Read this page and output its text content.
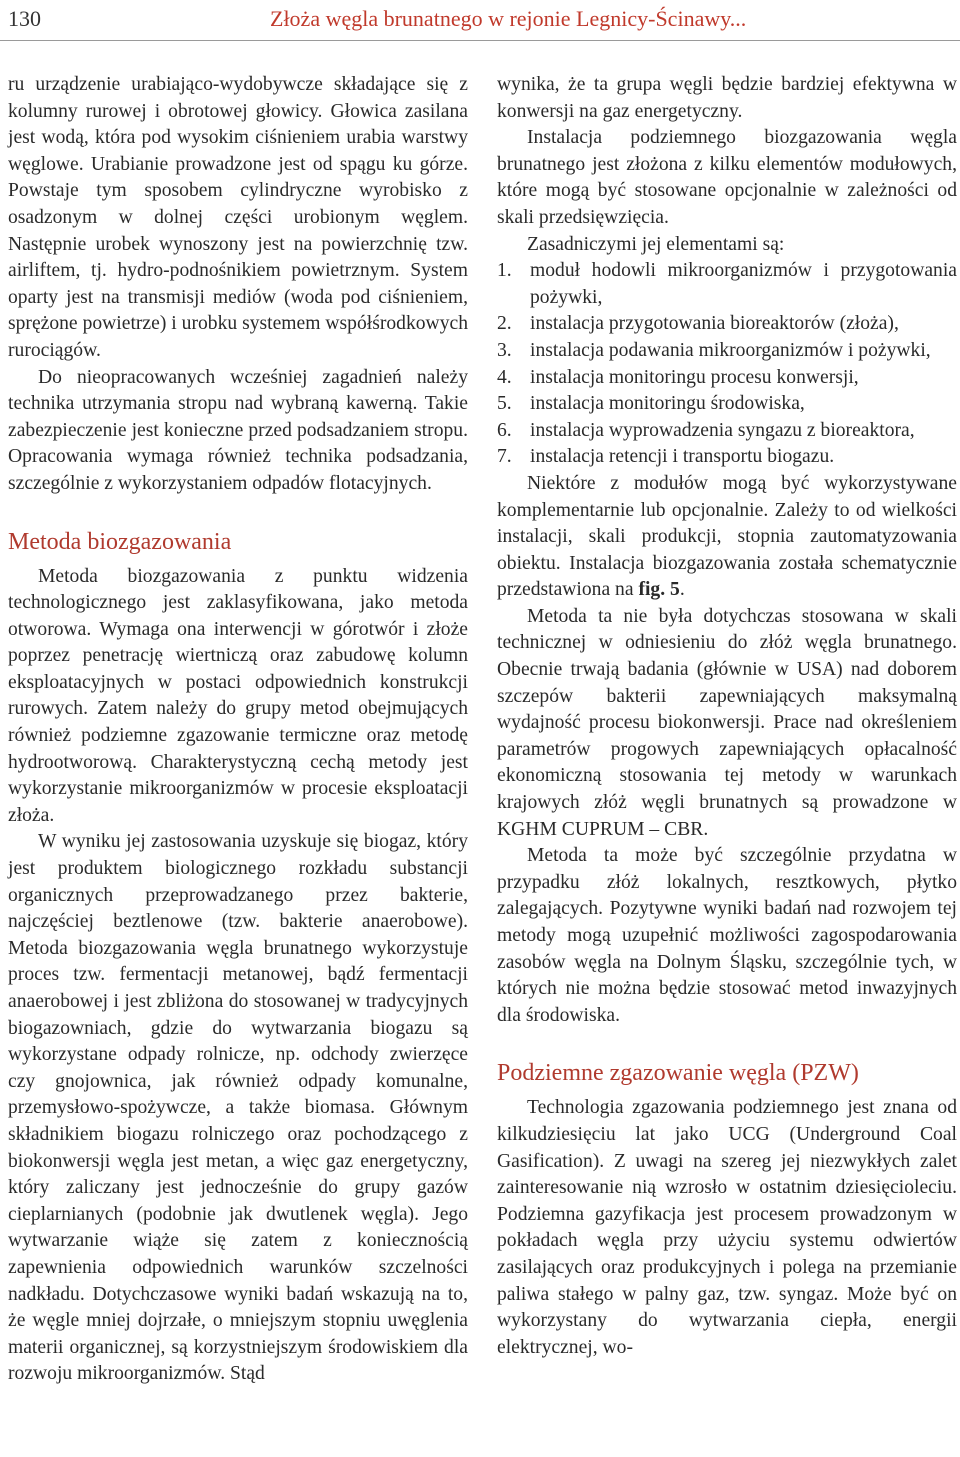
130	Złoża węgla brunatnego w rejonie Legnicy-Ścinawy...

ru urządzenie urabiająco-wydobywcze składające się z kolumny rurowej i obrotowej głowicy. Głowica zasilana jest wodą, która pod wysokim ciśnieniem urabia warstwy węglowe. Urabianie prowadzone jest od spągu ku górze. Powstaje tym sposobem cylindryczne wyrobisko z osadzonym w dolnej części urobionym węglem. Następnie urobek wynoszony jest na powierzchnię tzw. airliftem, tj. hydro-podnośnikiem powietrznym. System oparty jest na transmisji mediów (woda pod ciśnieniem, sprężone powietrze) i urobku systemem współśrodkowych rurociągów.

Do nieopracowanych wcześniej zagadnień należy technika utrzymania stropu nad wybraną kawerną. Takie zabezpieczenie jest konieczne przed podsadzaniem stropu. Opracowania wymaga również technika podsadzania, szczególnie z wykorzystaniem odpadów flotacyjnych.

Metoda biozgazowania

Metoda biozgazowania z punktu widzenia technologicznego jest zaklasyfikowana, jako metoda otworowa. Wymaga ona interwencji w górotwór i złoże poprzez penetrację wiertniczą oraz zabudowę kolumn eksploatacyjnych w postaci odpowiednich konstrukcji rurowych. Zatem należy do grupy metod obejmujących również podziemne zgazowanie termiczne oraz metodę hydrootworową. Charakterystyczną cechą metody jest wykorzystanie mikroorganizmów w procesie eksploatacji złoża.

W wyniku jej zastosowania uzyskuje się biogaz, który jest produktem biologicznego rozkładu substancji organicznych przeprowadzanego przez bakterie, najczęściej beztlenowe (tzw. bakterie anaerobowe). Metoda biozgazowania węgla brunatnego wykorzystuje proces tzw. fermentacji metanowej, bądź fermentacji anaerobowej i jest zbliżona do stosowanej w tradycyjnych biogazowniach, gdzie do wytwarzania biogazu są wykorzystane odpady rolnicze, np. odchody zwierzęce czy gnojownica, jak również odpady komunalne, przemysłowo-spożywcze, a także biomasa. Głównym składnikiem biogazu rolniczego oraz pochodzącego z biokonwersji węgla jest metan, a więc gaz energetyczny, który zaliczany jest jednocześnie do grupy gazów cieplarnianych (podobnie jak dwutlenek węgla). Jego wytwarzanie wiąże się zatem z koniecznością zapewnienia odpowiednich warunków szczelności nadkładu. Dotychczasowe wyniki badań wskazują na to, że węgle mniej dojrzałe, o mniejszym stopniu uwęglenia materii organicznej, są korzystniejszym środowiskiem dla rozwoju mikroorganizmów. Stąd

wynika, że ta grupa węgli będzie bardziej efektywna w konwersji na gaz energetyczny.

Instalacja podziemnego biozgazowania węgla brunatnego jest złożona z kilku elementów modułowych, które mogą być stosowane opcjonalnie w zależności od skali przedsięwzięcia.

Zasadniczymi jej elementami są:

1. moduł hodowli mikroorganizmów i przygotowania pożywki,
2. instalacja przygotowania bioreaktorów (złoża),
3. instalacja podawania mikroorganizmów i pożywki,
4. instalacja monitoringu procesu konwersji,
5. instalacja monitoringu środowiska,
6. instalacja wyprowadzenia syngazu z bioreaktora,
7. instalacja retencji i transportu biogazu.

Niektóre z modułów mogą być wykorzystywane komplementarnie lub opcjonalnie. Zależy to od wielkości instalacji, skali produkcji, stopnia zautomatyzowania obiektu. Instalacja biozgazowania została schematycznie przedstawiona na fig. 5.

Metoda ta nie była dotychczas stosowana w skali technicznej w odniesieniu do złóż węgla brunatnego. Obecnie trwają badania (głównie w USA) nad doborem szczepów bakterii zapewniających maksymalną wydajność procesu biokonwersji. Prace nad określeniem parametrów progowych zapewniających opłacalność ekonomiczną stosowania tej metody w warunkach krajowych złóż węgli brunatnych są prowadzone w KGHM CUPRUM – CBR.

Metoda ta może być szczególnie przydatna w przypadku złóż lokalnych, resztkowych, płytko zalegających. Pozytywne wyniki badań nad rozwojem tej metody mogą uzupełnić możliwości zagospodarowania zasobów węgla na Dolnym Śląsku, szczególnie tych, w których nie można będzie stosować metod inwazyjnych dla środowiska.

Podziemne zgazowanie węgla (PZW)

Technologia zgazowania podziemnego jest znana od kilkudziesięciu lat jako UCG (Underground Coal Gasification). Z uwagi na szereg jej niezwykłych zalet zainteresowanie nią wzrosło w ostatnim dziesięcioleciu. Podziemna gazyfikacja jest procesem prowadzonym w pokładach węgla przy użyciu systemu odwiertów zasilających oraz produkcyjnych i polega na przemianie paliwa stałego w palny gaz, tzw. syngaz. Może być on wykorzystany do wytwarzania ciepła, energii elektrycznej, wo-
